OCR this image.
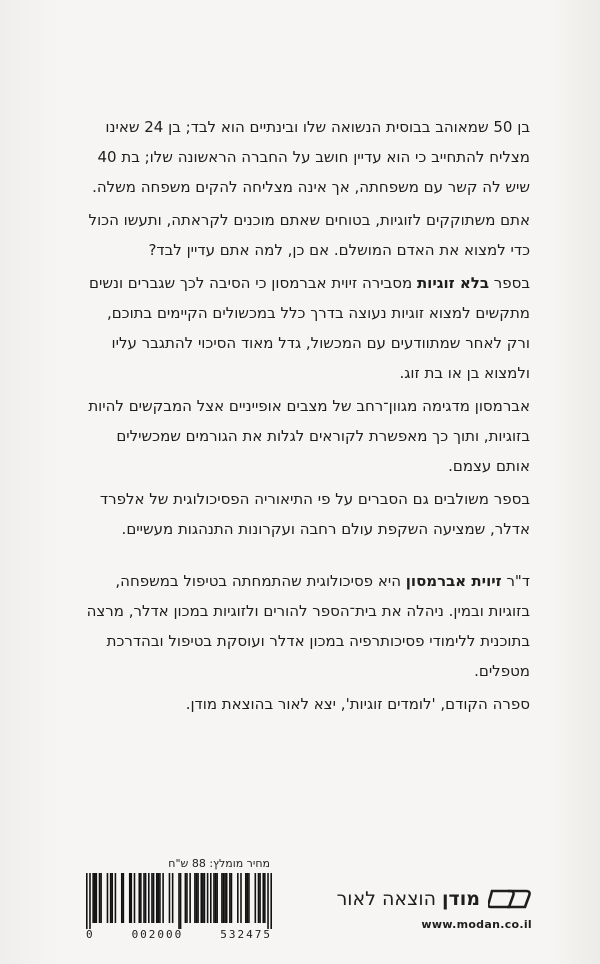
בן 50 שמאוהב בבוסית הנשואה שלו ובינתיים הוא לבד; בן 24 שאינו מצליח להתחייב כי הוא עדיין חושב על החברה הראשונה שלו; בת 40 שיש לה קשר עם משפחתה, אך אינה מצליחה להקים משפחה משלה.

אתם משתוקקים לזוגיות, בטוחים שאתם מוכנים לקראתה, ותעשו הכול כדי למצוא את האדם המושלם. אם כן, למה אתם עדיין לבד?

בספר בלא זוגיות מסבירה זיוית אברמסון כי הסיבה לכך שגברים ונשים מתקשים למצוא זוגיות נעוצה בדרך כלל במכשולים הקיימים בתוכם, ורק לאחר שמתוודעים עם המכשול, גדל מאוד הסיכוי להתגבר עליו ולמצוא בן או בת זוג.

אברמסון מדגימה מגוון־רחב של מצבים אופייניים אצל המבקשים להיות בזוגיות, ותוך כך מאפשרת לקוראים לגלות את הגורמים שמכשילים אותם עצמם.

בספר משולבים גם הסברים על פי התיאוריה הפסיכולוגית של אלפרד אדלר, שמציעה השקפת עולם רחבה ועקרונות התנהגות מעשיים.

ד"ר זיוית אברמסון היא פסיכולוגית שהתמחתה בטיפול במשפחה, בזוגיות ובמין. ניהלה את בית־הספר להורים ולזוגיות במכון אדלר, מרצה בתוכנית ללימודי פסיכותרפיה במכון אדלר ועוסקת בטיפול ובהדרכת מטפלים.

ספרה הקודם, 'לומדים זוגיות', יצא לאור בהוצאת מודן.

מחיר מומלץ: 88 ש"ח
0	002000	532475
מודן הוצאה לאור
www.modan.co.il
